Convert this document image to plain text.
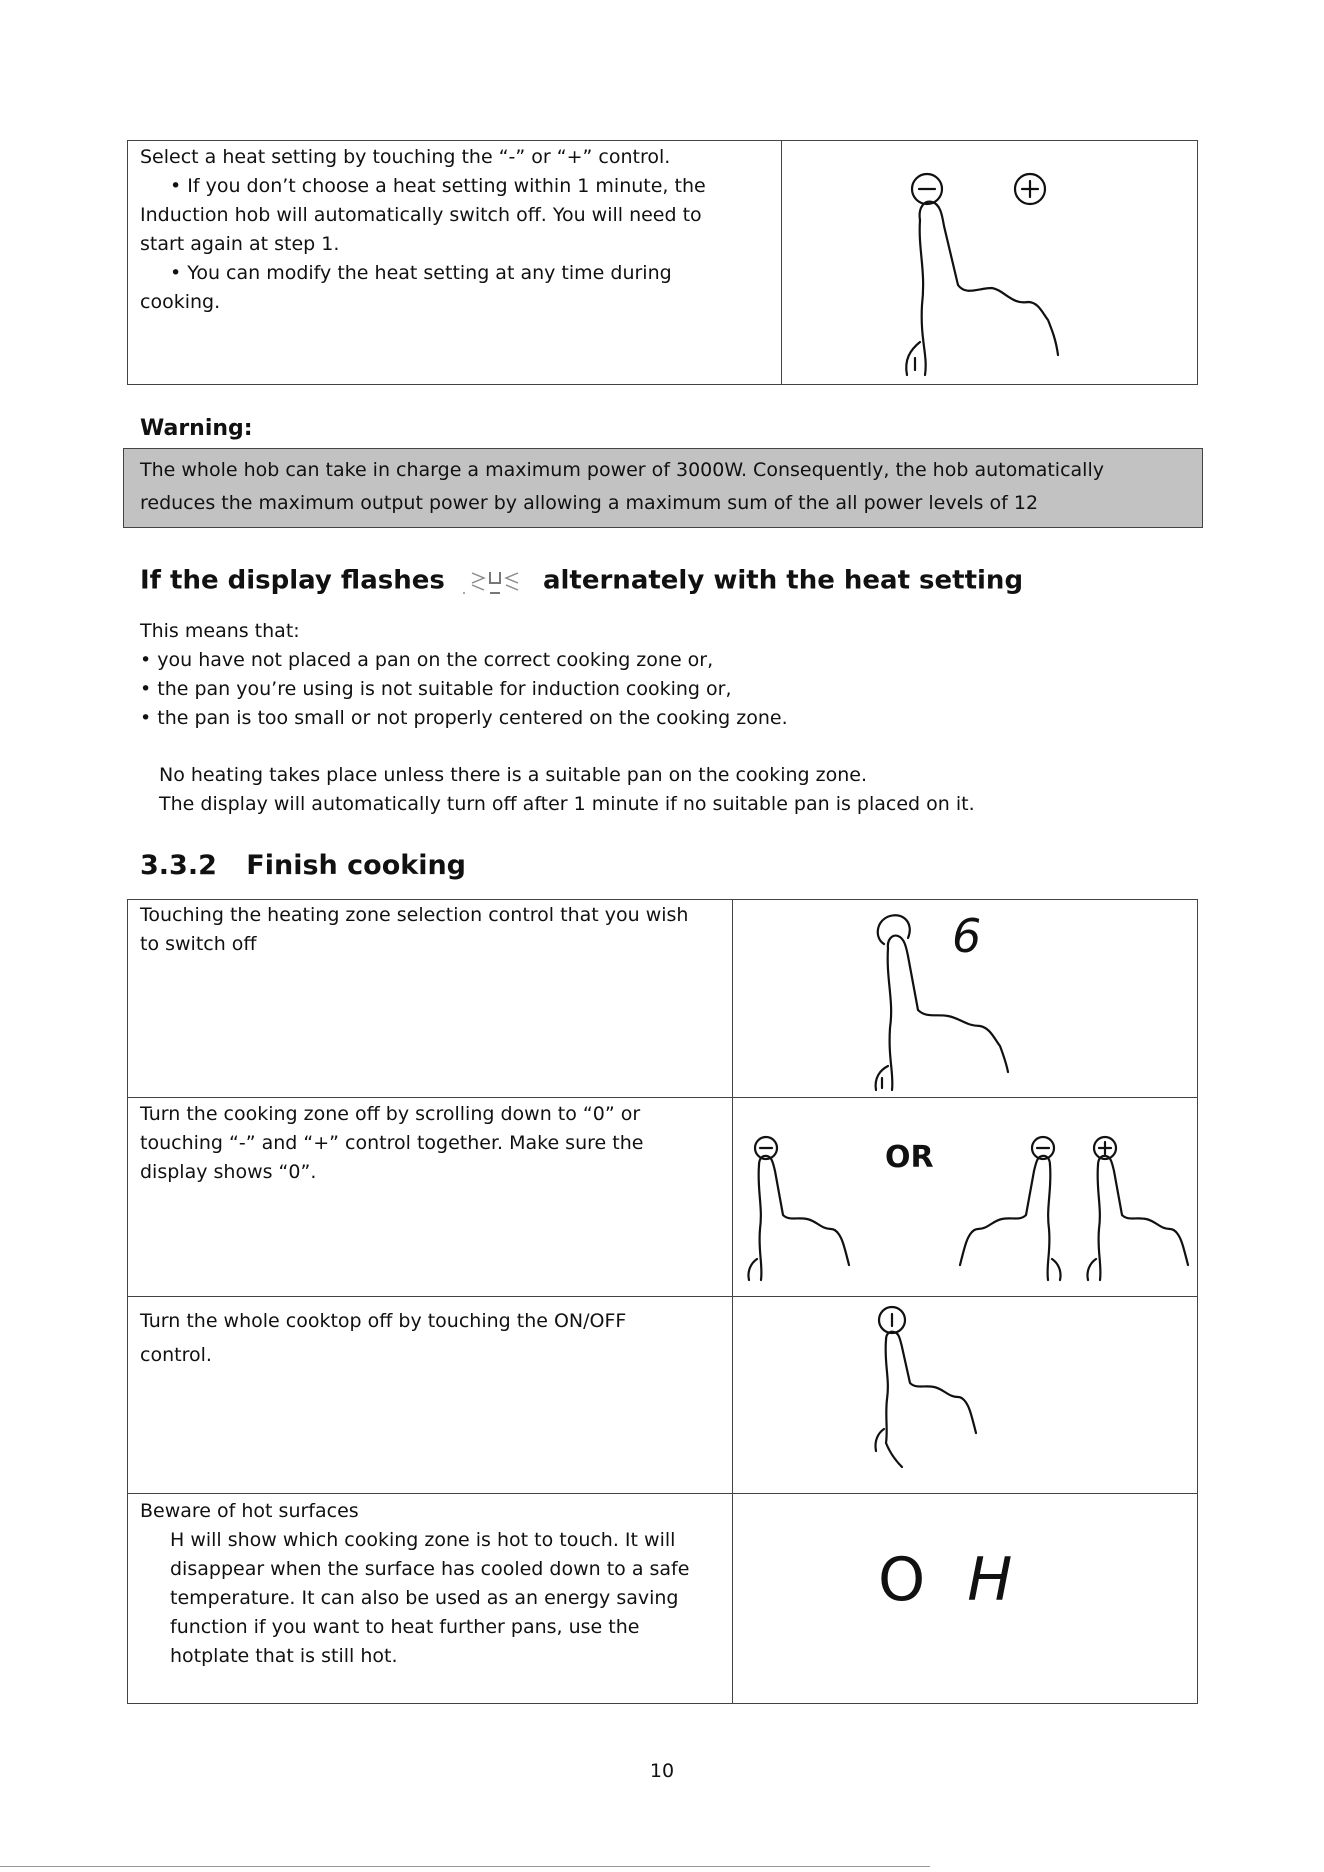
Select a heat setting by touching the “-” or “+” control.

• If you don’t choose a heat setting within 1 minute, the

Induction hob will automatically switch off. You will need to

start again at step 1.

• You can modify the heat setting at any time during

cooking.

Warning:

The whole hob can take in charge a maximum power of 3000W. Consequently, the hob automatically

reduces the maximum output power by allowing a maximum sum of the all power levels of 12

If the display flashes	alternately with the heat setting

This means that:

• you have not placed a pan on the correct cooking zone or,

• the pan you’re using is not suitable for induction cooking or,

• the pan is too small or not properly centered on the cooking zone.

No heating takes place unless there is a suitable pan on the cooking zone.

The display will automatically turn off after 1 minute if no suitable pan is placed on it.

3.3.2 Finish cooking

Touching the heating zone selection control that you wish

to switch off	6

Turn the cooking zone off by scrolling down to “0” or

touching “-” and “+” control together. Make sure the

display shows “0”.	OR

Turn the whole cooktop off by touching the ON/OFF

control.

Beware of hot surfaces

H will show which cooking zone is hot to touch. It will

disappear when the surface has cooled down to a safe

temperature. It can also be used as an energy saving

function if you want to heat further pans, use the

hotplate that is still hot.

O H
10
